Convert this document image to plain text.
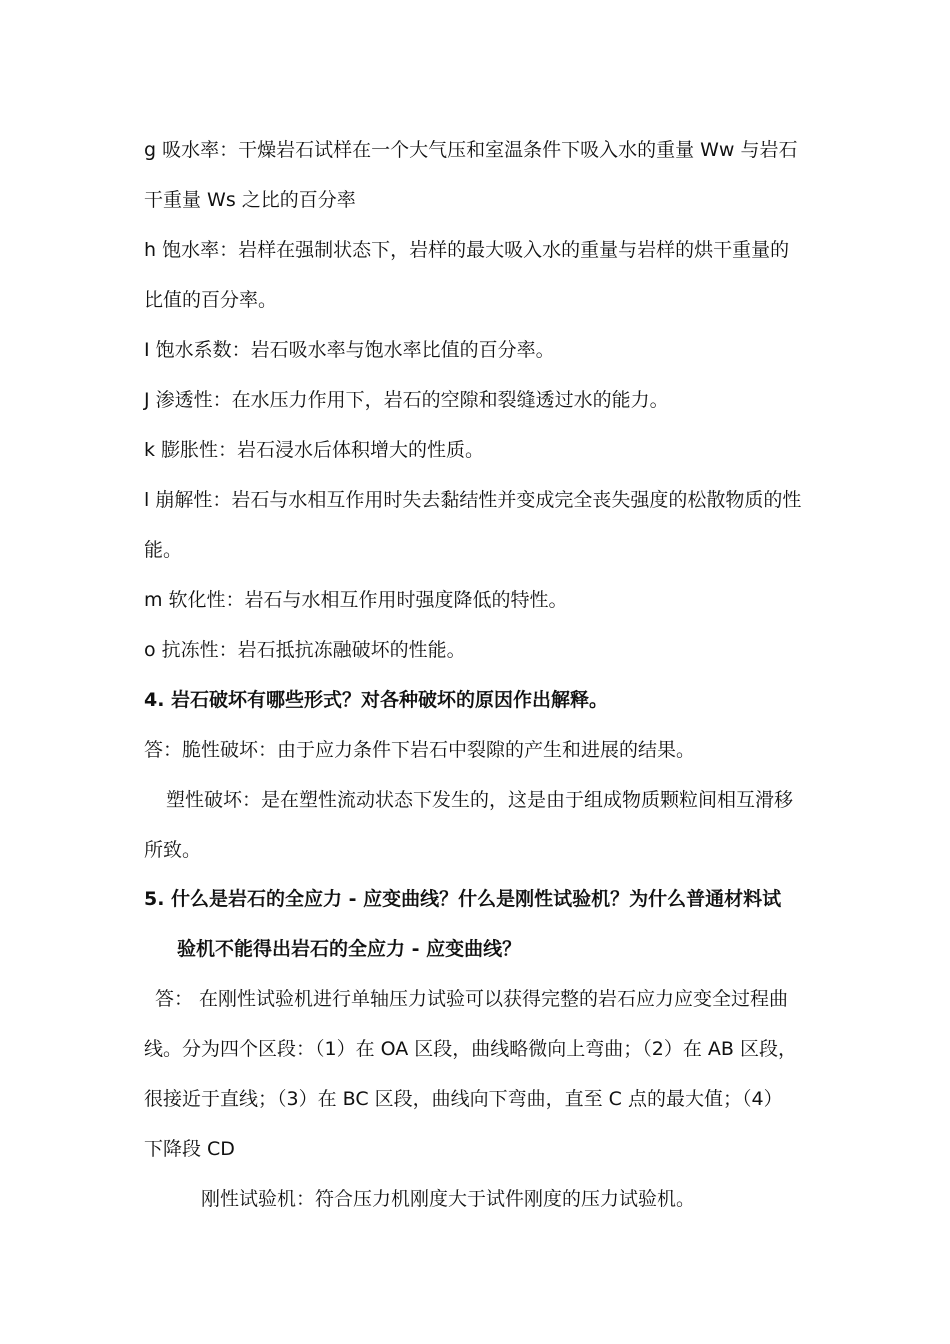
g 吸水率：干燥岩石试样在一个大气压和室温条件下吸入水的重量 Ww 与岩石
干重量 Ws 之比的百分率
h 饱水率：岩样在强制状态下，岩样的最大吸入水的重量与岩样的烘干重量的
比值的百分率。
I 饱水系数：岩石吸水率与饱水率比值的百分率。
J 渗透性：在水压力作用下，岩石的空隙和裂缝透过水的能力。
k 膨胀性：岩石浸水后体积增大的性质。
l 崩解性：岩石与水相互作用时失去黏结性并变成完全丧失强度的松散物质的性
能。
m 软化性：岩石与水相互作用时强度降低的特性。
o 抗冻性：岩石抵抗冻融破坏的性能。
4. 岩石破坏有哪些形式？对各种破坏的原因作出解释。
答：脆性破坏：由于应力条件下岩石中裂隙的产生和进展的结果。
塑性破坏：是在塑性流动状态下发生的，这是由于组成物质颗粒间相互滑移
所致。
5. 什么是岩石的全应力 - 应变曲线？什么是刚性试验机？为什么普通材料试
验机不能得出岩石的全应力 - 应变曲线？
答： 在刚性试验机进行单轴压力试验可以获得完整的岩石应力应变全过程曲
线。分为四个区段：（1）在 OA 区段，曲线略微向上弯曲；（2）在 AB 区段，
很接近于直线；（3）在 BC 区段，曲线向下弯曲，直至 C 点的最大值；（4）
下降段 CD
刚性试验机：符合压力机刚度大于试件刚度的压力试验机。
